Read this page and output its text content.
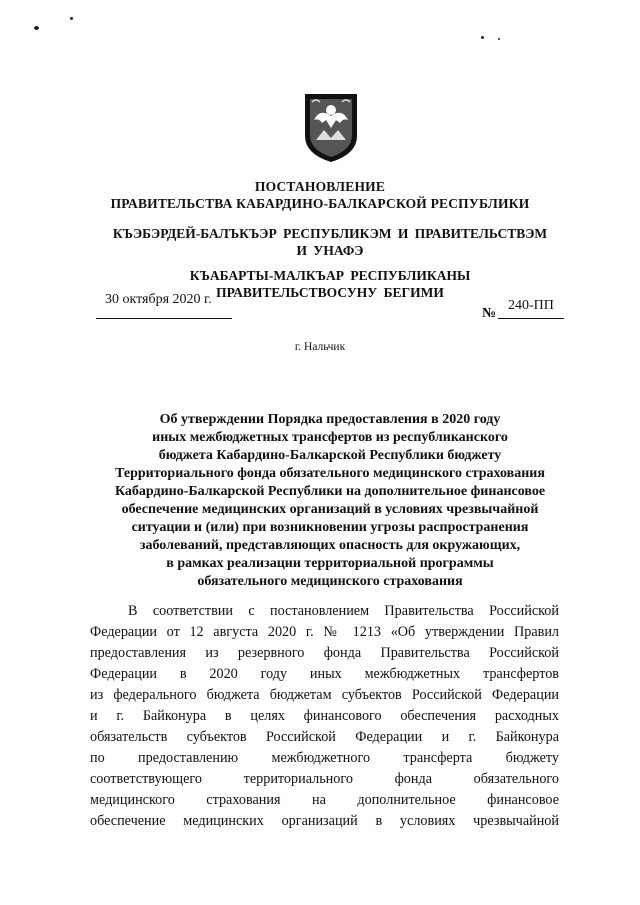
ПОСТАНОВЛЕНИЕ
ПРАВИТЕЛЬСТВА КАБАРДИНО-БАЛКАРСКОЙ РЕСПУБЛИКИ
КЪЭБЭРДЕЙ-БАЛЪКЪЭР РЕСПУБЛИКЭМ И ПРАВИТЕЛЬСТВЭМ И УНАФЭ
КЪАБАРТЫ-МАЛКЪАР РЕСПУБЛИКАНЫ ПРАВИТЕЛЬСТВОСУНУ БЕГИМИ
30 октября 2020 г.
№
240-ПП
г. Нальчик
Об утверждении Порядка предоставления в 2020 году
иных межбюджетных трансфертов из республиканского
бюджета Кабардино-Балкарской Республики бюджету
Территориального фонда обязательного медицинского страхования
Кабардино-Балкарской Республики на дополнительное финансовое
обеспечение медицинских организаций в условиях чрезвычайной
ситуации и (или) при возникновении угрозы распространения
заболеваний, представляющих опасность для окружающих,
в рамках реализации территориальной программы
обязательного медицинского страхования
В соответствии с постановлением Правительства Российской
Федерации от 12 августа 2020 г. № 1213 «Об утверждении Правил
предоставления из резервного фонда Правительства Российской
Федерации в 2020 году иных межбюджетных трансфертов
из федерального бюджета бюджетам субъектов Российской Федерации
и г. Байконура в целях финансового обеспечения расходных
обязательств субъектов Российской Федерации и г. Байконура
по предоставлению межбюджетного трансферта бюджету
соответствующего территориального фонда обязательного
медицинского страхования на дополнительное финансовое
обеспечение медицинских организаций в условиях чрезвычайной
